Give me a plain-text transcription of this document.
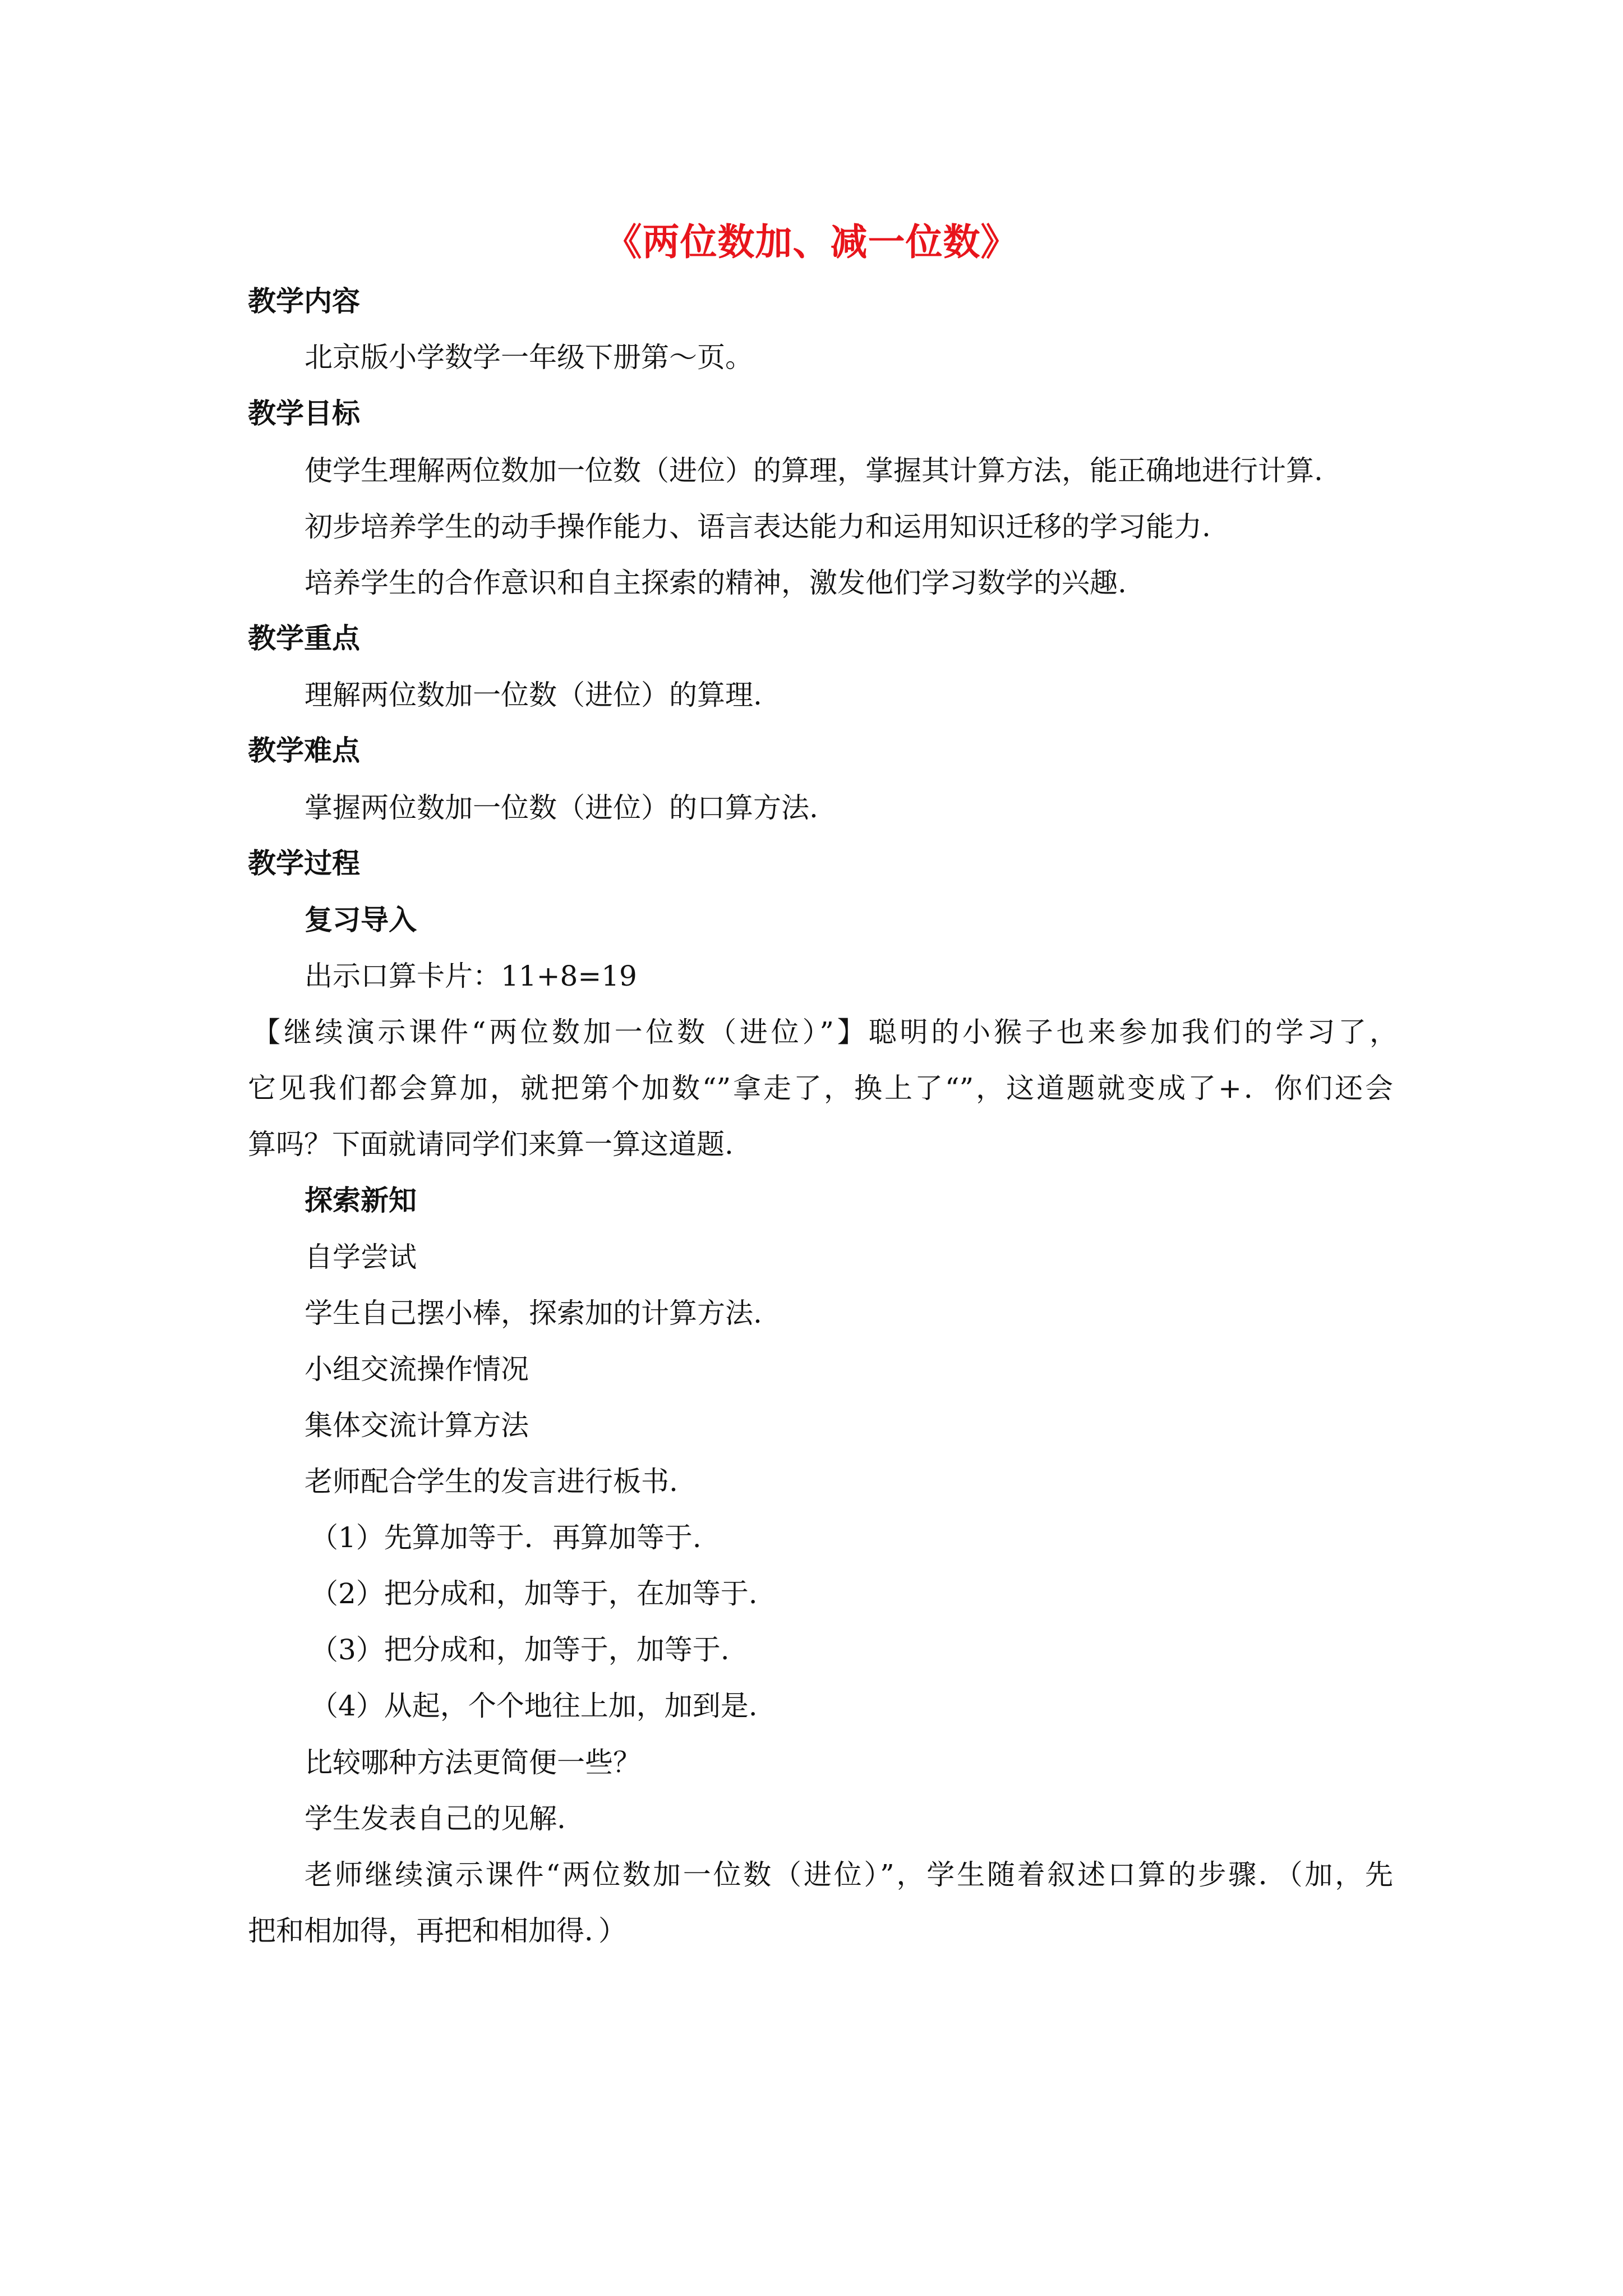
《两位数加、减一位数》
教学内容
北京版小学数学一年级下册第～页。
教学目标
使学生理解两位数加一位数（进位）的算理，掌握其计算方法，能正确地进行计算.
初步培养学生的动手操作能力、语言表达能力和运用知识迁移的学习能力.
培养学生的合作意识和自主探索的精神，激发他们学习数学的兴趣.
教学重点
理解两位数加一位数（进位）的算理.
教学难点
掌握两位数加一位数（进位）的口算方法.
教学过程
复习导入
出示口算卡片：11+8=19
【继续演示课件“两位数加一位数（进位）”】聪明的小猴子也来参加我们的学习了，
它见我们都会算加，就把第个加数“”拿走了，换上了“”，这道题就变成了+．你们还会
算吗？下面就请同学们来算一算这道题.
探索新知
自学尝试
学生自己摆小棒，探索加的计算方法.
小组交流操作情况
集体交流计算方法
老师配合学生的发言进行板书.
（1）先算加等于．再算加等于.
（2）把分成和，加等于，在加等于.
（3）把分成和，加等于，加等于.
（4）从起，个个地往上加，加到是.
比较哪种方法更简便一些？
学生发表自己的见解.
老师继续演示课件“两位数加一位数（进位）”，学生随着叙述口算的步骤．（加，先
把和相加得，再把和相加得．）
